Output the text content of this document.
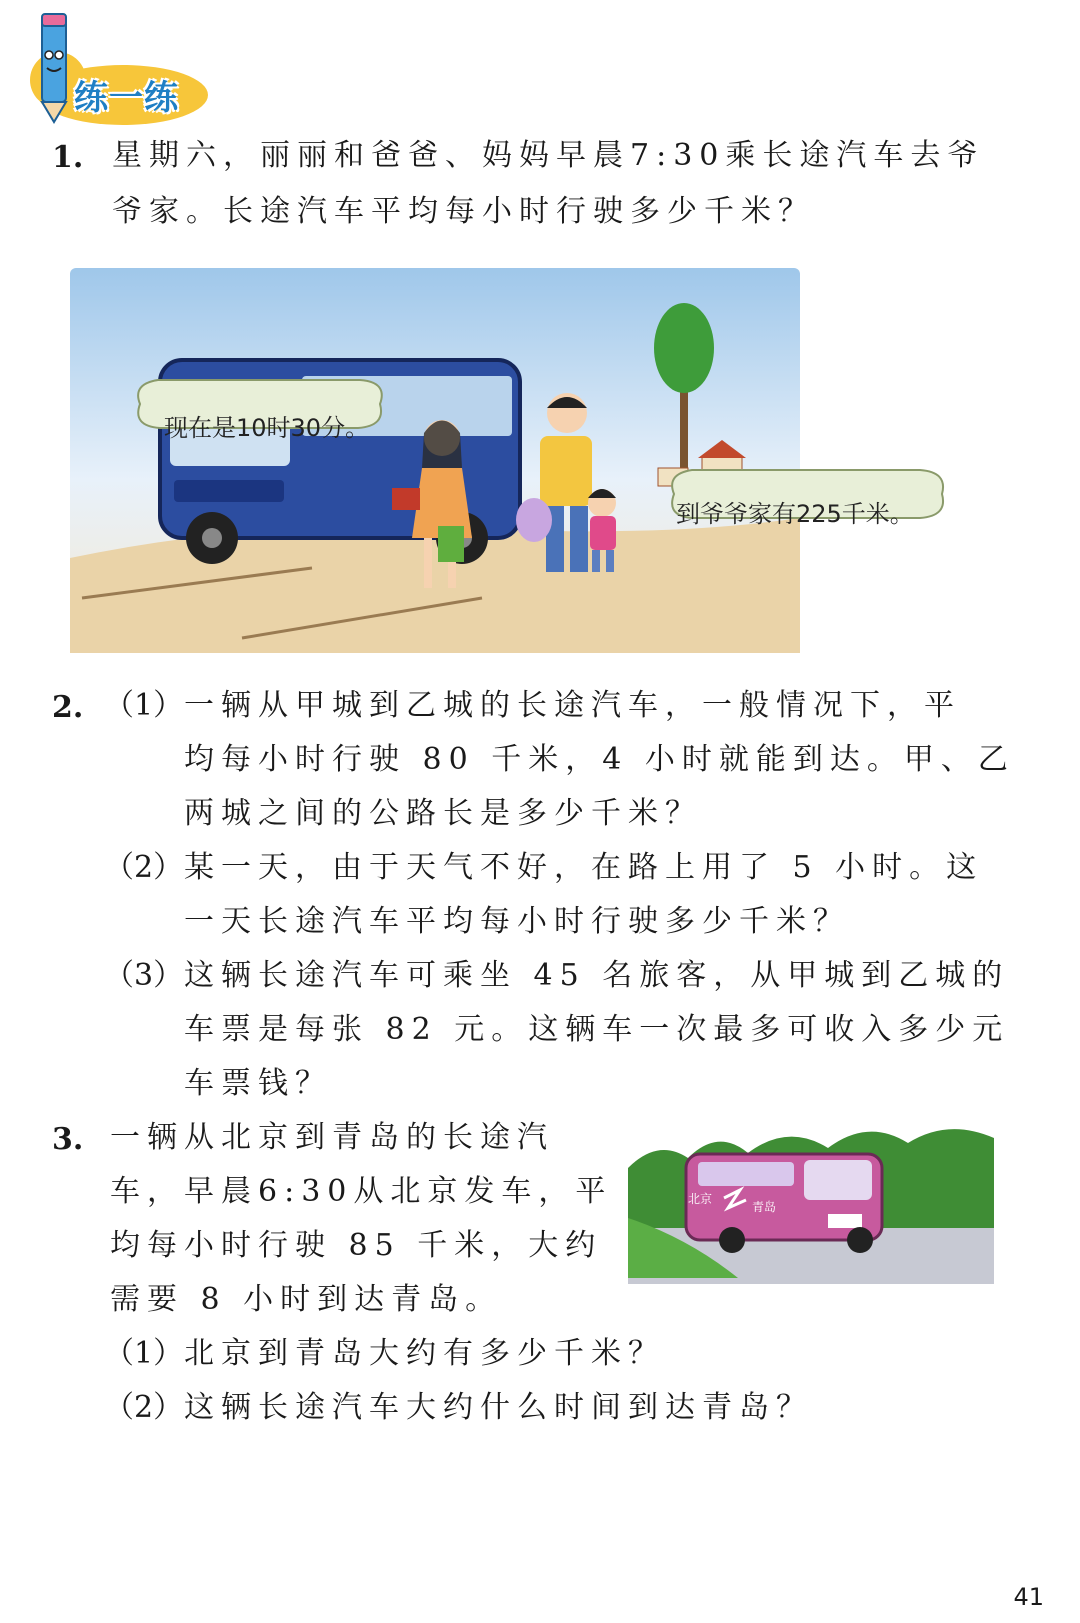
练一练
1. 星期六，丽丽和爸爸、妈妈早晨7:30乘长途汽车去爷
爷家。长途汽车平均每小时行驶多少千米？
现在是10时30分。
到爷爷家有225千米。
2. （1） 一辆从甲城到乙城的长途汽车，一般情况下，平
均每小时行驶 80 千米，4 小时就能到达。甲、乙
两城之间的公路长是多少千米？
（2） 某一天，由于天气不好，在路上用了 5 小时。这
一天长途汽车平均每小时行驶多少千米？
（3） 这辆长途汽车可乘坐 45 名旅客，从甲城到乙城的
车票是每张 82 元。这辆车一次最多可收入多少元
车票钱？
3. 一辆从北京到青岛的长途汽
车，早晨6:30从北京发车，平
均每小时行驶 85 千米，大约
需要 8 小时到达青岛。
北京
青岛
（1） 北京到青岛大约有多少千米？
（2） 这辆长途汽车大约什么时间到达青岛？
41
